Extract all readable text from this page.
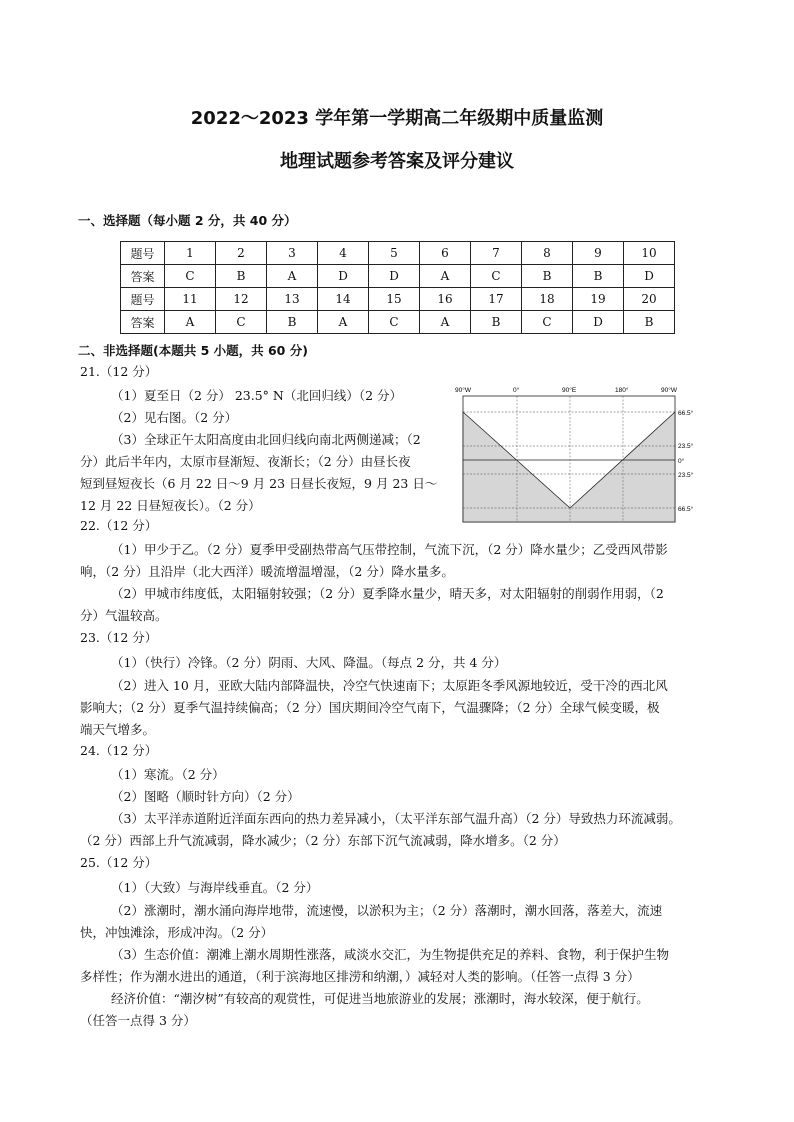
2022～2023 学年第一学期高二年级期中质量监测
地理试题参考答案及评分建议
一、选择题（每小题 2 分，共 40 分）
题号	1	2	3	4	5	6	7	8	9	10
答案	C	B	A	D	D	A	C	B	B	D
题号	11	12	13	14	15	16	17	18	19	20
答案	A	C	B	A	C	A	B	C	D	B
二、非选择题(本题共 5 小题，共 60 分)
21.（12 分）
（1）夏至日（2 分） 23.5° N（北回归线）（2 分）
（2）见右图。（2 分）
（3）全球正午太阳高度由北回归线向南北两侧递减；（2
分）此后半年内，太原市昼渐短、夜渐长；（2 分）由昼长夜
短到昼短夜长（6 月 22 日～9 月 23 日昼长夜短，9 月 23 日～
12 月 22 日昼短夜长）。（2 分）
90°W	0°	90°E	180°	90°W
66.5°
23.5°
0°
23.5°
66.5°
22.（12 分）
（1）甲少于乙。（2 分）夏季甲受副热带高气压带控制，气流下沉，（2 分）降水量少；乙受西风带影
响，（2 分）且沿岸（北大西洋）暖流增温增湿，（2 分）降水量多。
（2）甲城市纬度低，太阳辐射较强；（2 分）夏季降水量少，晴天多，对太阳辐射的削弱作用弱，（2
分）气温较高。
23.（12 分）
（1）（快行）冷锋。（2 分）阴雨、大风、降温。（每点 2 分，共 4 分）
（2）进入 10 月，亚欧大陆内部降温快，冷空气快速南下；太原距冬季风源地较近，受干冷的西北风
影响大；（2 分）夏季气温持续偏高；（2 分）国庆期间冷空气南下，气温骤降；（2 分）全球气候变暖，极
端天气增多。
24.（12 分）
（1）寒流。（2 分）
（2）图略（顺时针方向）（2 分）
（3）太平洋赤道附近洋面东西向的热力差异减小，（太平洋东部气温升高）（2 分）导致热力环流减弱。
（2 分）西部上升气流减弱，降水减少；（2 分）东部下沉气流减弱，降水增多。（2 分）
25.（12 分）
（1）（大致）与海岸线垂直。（2 分）
（2）涨潮时，潮水涌向海岸地带，流速慢，以淤积为主；（2 分）落潮时，潮水回落，落差大，流速
快，冲蚀滩涂，形成冲沟。（2 分）
（3）生态价值：潮滩上潮水周期性涨落，咸淡水交汇，为生物提供充足的养料、食物，利于保护生物
多样性；作为潮水进出的通道，（利于滨海地区排涝和纳潮，）减轻对人类的影响。（任答一点得 3 分）
经济价值：“潮汐树”有较高的观赏性，可促进当地旅游业的发展；涨潮时，海水较深，便于航行。
（任答一点得 3 分）
